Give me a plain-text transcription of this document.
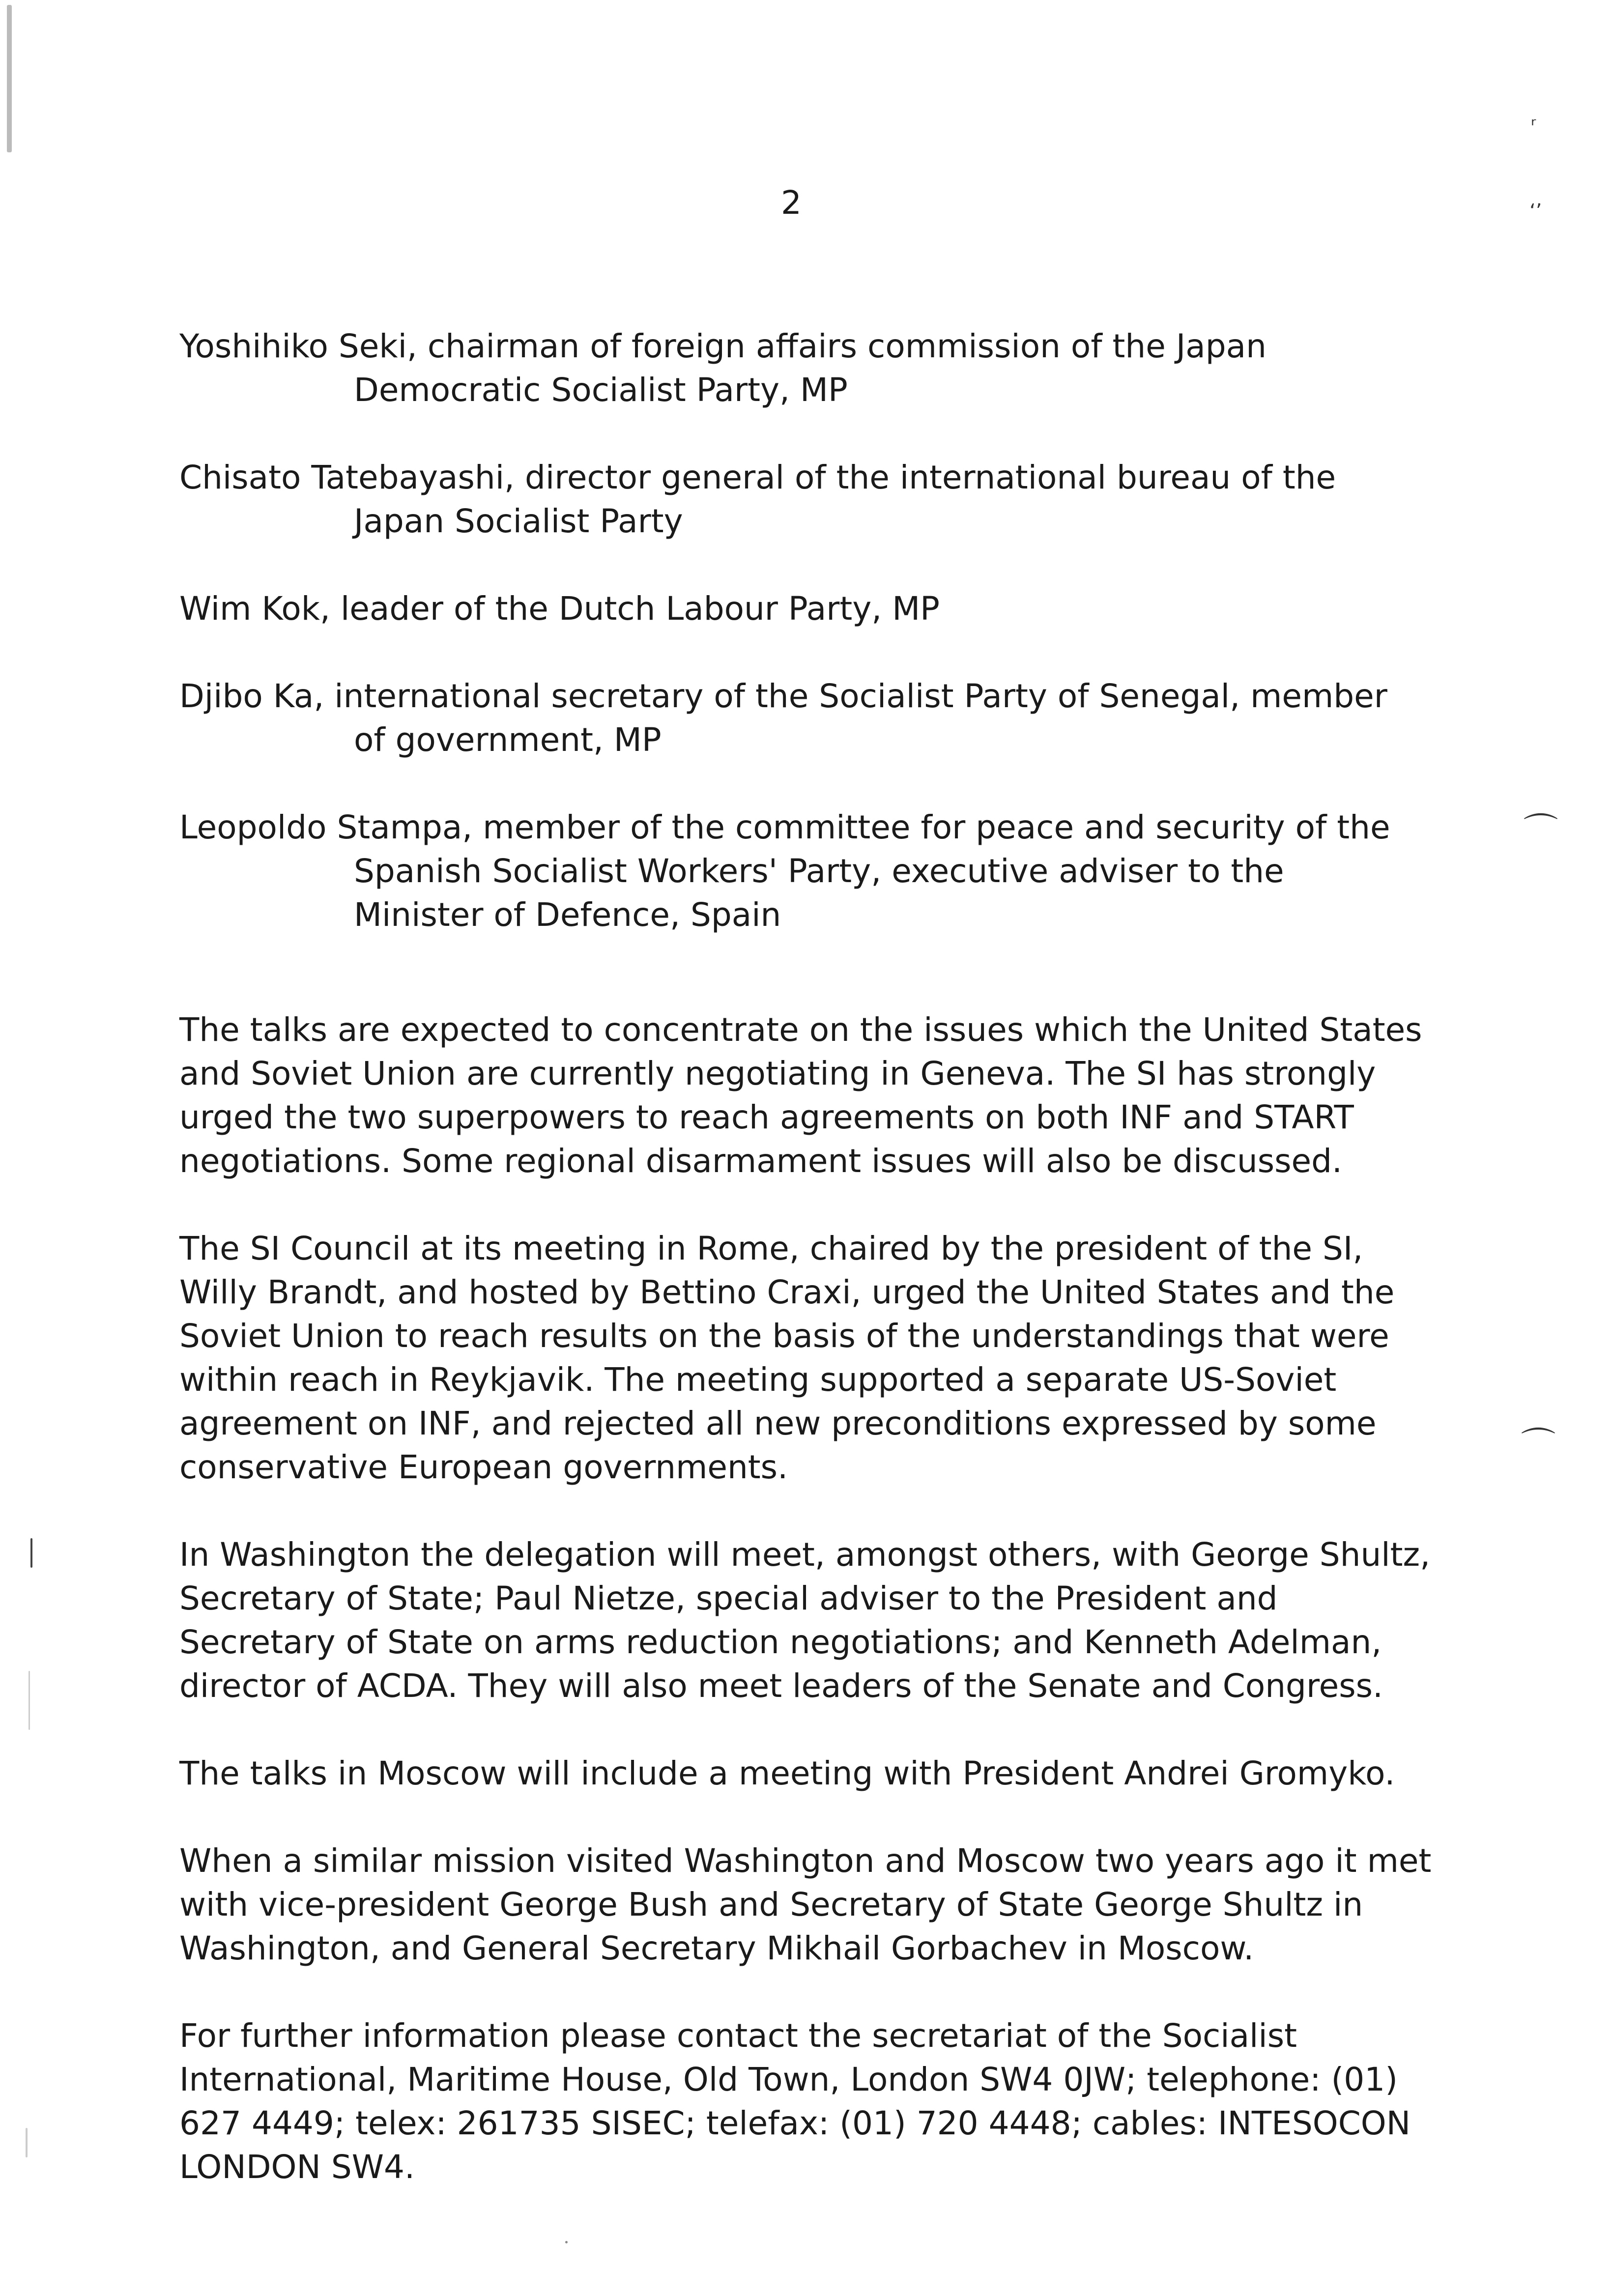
ʳ
ʻʼ
⌒
⌒
2
Yoshihiko Seki, chairman of foreign affairs commission of the Japan
Democratic Socialist Party, MP
Chisato Tatebayashi, director general of the international bureau of the
Japan Socialist Party
Wim Kok, leader of the Dutch Labour Party, MP
Djibo Ka, international secretary of the Socialist Party of Senegal, member
of government, MP
Leopoldo Stampa, member of the committee for peace and security of the
Spanish Socialist Workers' Party, executive adviser to the
Minister of Defence, Spain
The talks are expected to concentrate on the issues which the United States
and Soviet Union are currently negotiating in Geneva. The SI has strongly
urged the two superpowers to reach agreements on both INF and START
negotiations. Some regional disarmament issues will also be discussed.
The SI Council at its meeting in Rome, chaired by the president of the SI,
Willy Brandt, and hosted by Bettino Craxi, urged the United States and the
Soviet Union to reach results on the basis of the understandings that were
within reach in Reykjavik. The meeting supported a separate US-Soviet
agreement on INF, and rejected all new preconditions expressed by some
conservative European governments.
In Washington the delegation will meet, amongst others, with George Shultz,
Secretary of State; Paul Nietze, special adviser to the President and
Secretary of State on arms reduction negotiations; and Kenneth Adelman,
director of ACDA. They will also meet leaders of the Senate and Congress.
The talks in Moscow will include a meeting with President Andrei Gromyko.
When a similar mission visited Washington and Moscow two years ago it met
with vice-president George Bush and Secretary of State George Shultz in
Washington, and General Secretary Mikhail Gorbachev in Moscow.
For further information please contact the secretariat of the Socialist
International, Maritime House, Old Town, London SW4 0JW; telephone: (01)
627 4449; telex: 261735 SISEC; telefax: (01) 720 4448; cables: INTESOCON
LONDON SW4.
